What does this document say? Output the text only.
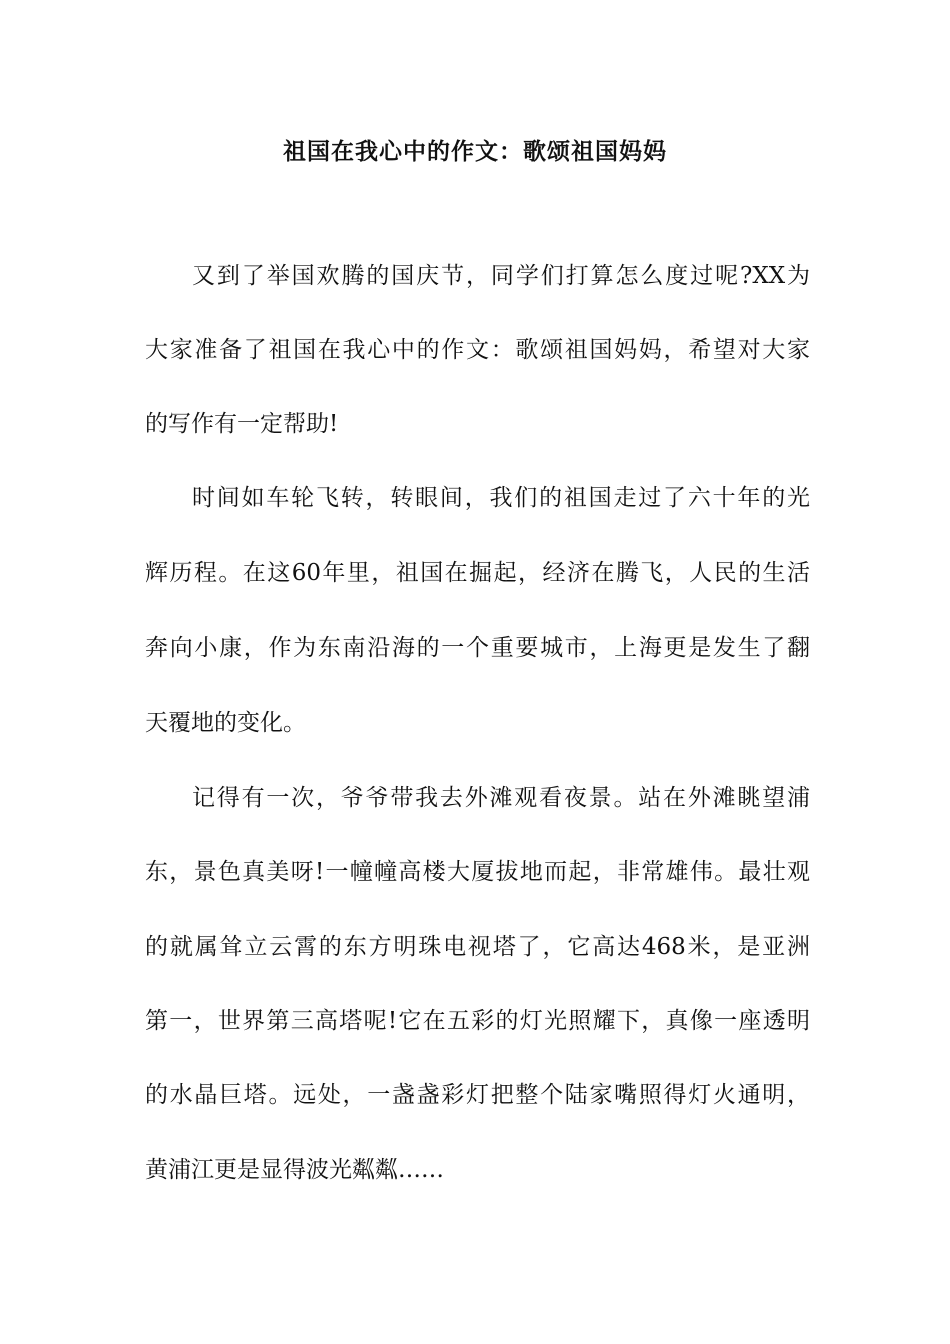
祖国在我心中的作文：歌颂祖国妈妈
又到了举国欢腾的国庆节，同学们打算怎么度过呢?XX为
大家准备了祖国在我心中的作文：歌颂祖国妈妈，希望对大家
的写作有一定帮助!
时间如车轮飞转，转眼间，我们的祖国走过了六十年的光
辉历程。在这60年里，祖国在掘起，经济在腾飞，人民的生活
奔向小康，作为东南沿海的一个重要城市，上海更是发生了翻
天覆地的变化。
记得有一次，爷爷带我去外滩观看夜景。站在外滩眺望浦
东，景色真美呀!一幢幢高楼大厦拔地而起，非常雄伟。最壮观
的就属耸立云霄的东方明珠电视塔了，它高达468米，是亚洲
第一，世界第三高塔呢!它在五彩的灯光照耀下，真像一座透明
的水晶巨塔。远处，一盏盏彩灯把整个陆家嘴照得灯火通明，
黄浦江更是显得波光粼粼……
